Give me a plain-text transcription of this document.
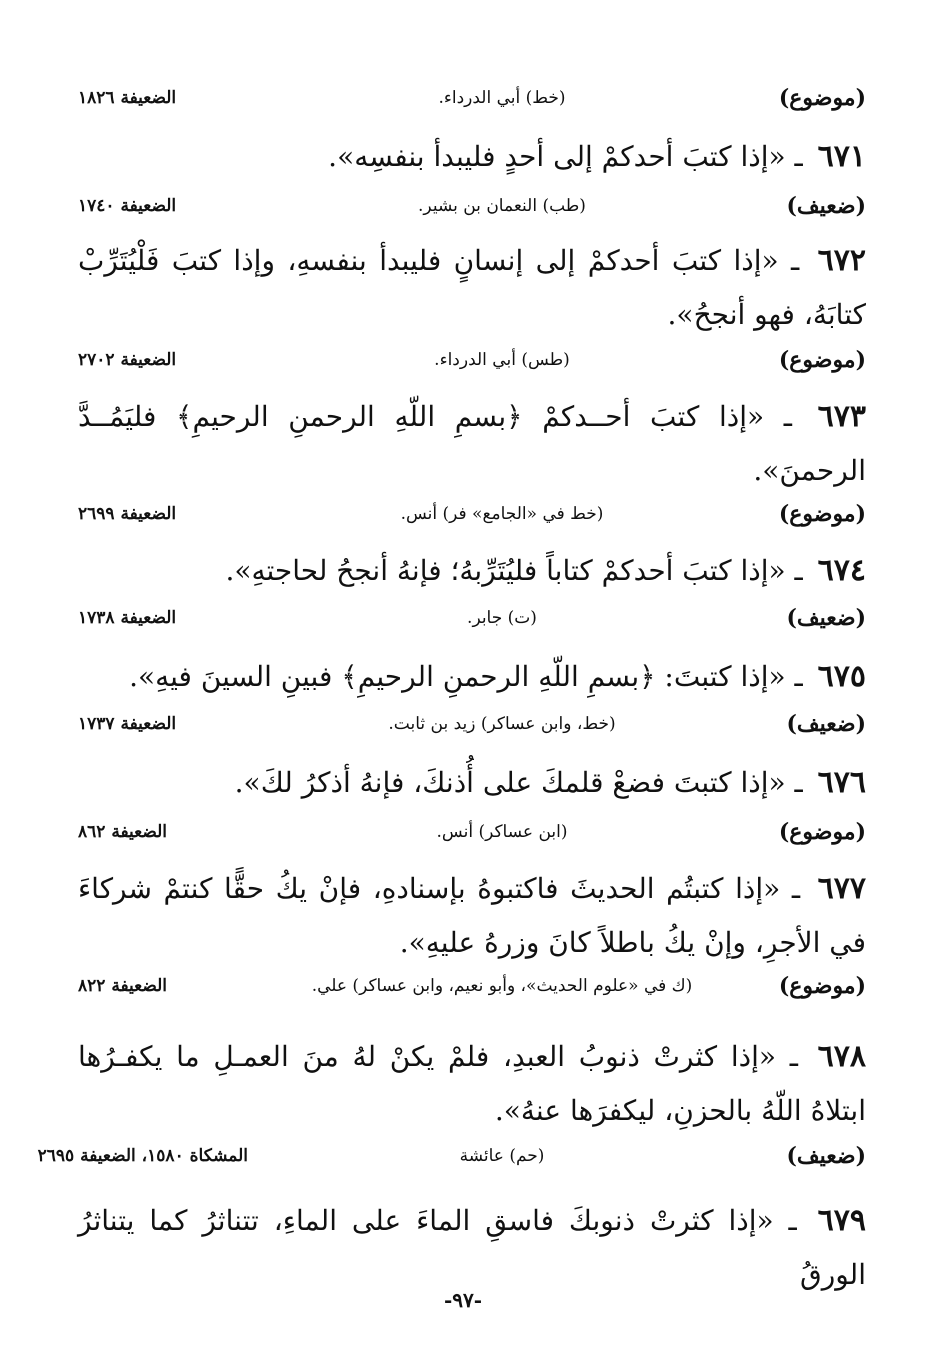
(موضوع)
(خط) أبي الدرداء.
الضعيفة ١٨٢٦
٦٧١ ـ «إذا كتبَ أحدكمْ إلى أحدٍ فليبدأ بنفسِه».
(ضعيف)
(طب) النعمان بن بشير.
الضعيفة ١٧٤٠
٦٧٢ ـ «إذا كتبَ أحدكمْ إلى إنسانٍ فليبدأ بنفسهِ، وإذا كتبَ فَلْيُتَرِّبْ كتابَهُ، فهو أنجحُ».
(موضوع)
(طس) أبي الدرداء.
الضعيفة ٢٧٠٢
٦٧٣ ـ «إذا كتبَ أحــدكمْ ﴿بسمِ اللّهِ الرحمنِ الرحيمِ﴾ فليَمُــدَّ الرحمنَ».
(موضوع)
(خط في «الجامع» فر) أنس.
الضعيفة ٢٦٩٩
٦٧٤ ـ «إذا كتبَ أحدكمْ كتاباً فليُتَرِّبهُ؛ فإنهُ أنجحُ لحاجتهِ».
(ضعيف)
(ت) جابر.
الضعيفة ١٧٣٨
٦٧٥ ـ «إذا كتبتَ: ﴿بسمِ اللّهِ الرحمنِ الرحيمِ﴾ فبينِ السينَ فيهِ».
(ضعيف)
(خط، وابن عساكر) زيد بن ثابت.
الضعيفة ١٧٣٧
٦٧٦ ـ «إذا كتبتَ فضعْ قلمكَ على أُذنكَ، فإنهُ أذكرُ لكَ».
(موضوع)
(ابن عساكر) أنس.
الضعيفة ٨٦٢
٦٧٧ ـ «إذا كتبتُم الحديثَ فاكتبوهُ بإسنادهِ، فإنْ يكُ حقًّا كنتمْ شركاءَ في الأجرِ، وإنْ يكُ باطلاً كانَ وزرهُ عليهِ».
(موضوع)
(ك في «علوم الحديث»، وأبو نعيم، وابن عساكر) علي.
الضعيفة ٨٢٢
٦٧٨ ـ «إذا كثرتْ ذنوبُ العبدِ، فلمْ يكنْ لهُ منَ العمـلِ ما يكفـرُها ابتلاهُ اللّهُ بالحزنِ، ليكفرَها عنهُ».
(ضعيف)
(حم) عائشة
المشكاة ١٥٨٠، الضعيفة ٢٦٩٥
٦٧٩ ـ «إذا كثرتْ ذنوبكَ فاسقِ الماءَ على الماءِ، تتناثرُ كما يتناثرُ الورقُ
-٩٧-
